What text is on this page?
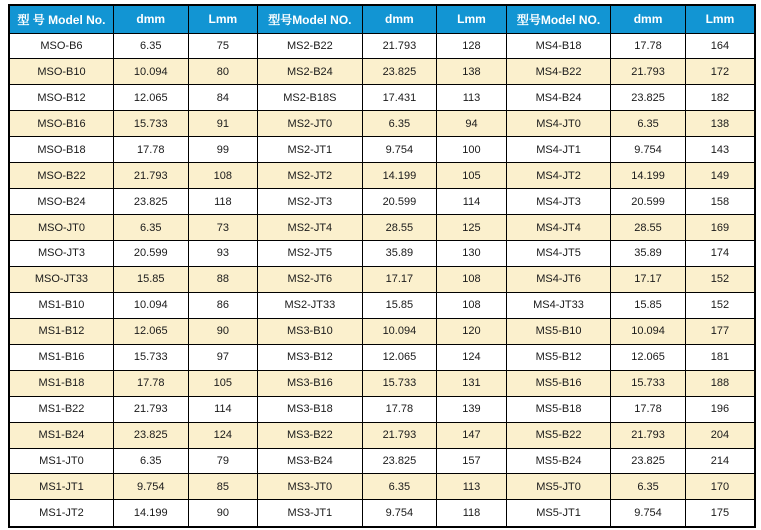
型 号 Model No.	dmm	Lmm	型号Model NO.	dmm	Lmm	型号Model NO.	dmm	Lmm
MSO-B6	6.35	75	MS2-B22	21.793	128	MS4-B18	17.78	164
MSO-B10	10.094	80	MS2-B24	23.825	138	MS4-B22	21.793	172
MSO-B12	12.065	84	MS2-B18S	17.431	113	MS4-B24	23.825	182
MSO-B16	15.733	91	MS2-JT0	6.35	94	MS4-JT0	6.35	138
MSO-B18	17.78	99	MS2-JT1	9.754	100	MS4-JT1	9.754	143
MSO-B22	21.793	108	MS2-JT2	14.199	105	MS4-JT2	14.199	149
MSO-B24	23.825	118	MS2-JT3	20.599	114	MS4-JT3	20.599	158
MSO-JT0	6.35	73	MS2-JT4	28.55	125	MS4-JT4	28.55	169
MSO-JT3	20.599	93	MS2-JT5	35.89	130	MS4-JT5	35.89	174
MSO-JT33	15.85	88	MS2-JT6	17.17	108	MS4-JT6	17.17	152
MS1-B10	10.094	86	MS2-JT33	15.85	108	MS4-JT33	15.85	152
MS1-B12	12.065	90	MS3-B10	10.094	120	MS5-B10	10.094	177
MS1-B16	15.733	97	MS3-B12	12.065	124	MS5-B12	12.065	181
MS1-B18	17.78	105	MS3-B16	15.733	131	MS5-B16	15.733	188
MS1-B22	21.793	114	MS3-B18	17.78	139	MS5-B18	17.78	196
MS1-B24	23.825	124	MS3-B22	21.793	147	MS5-B22	21.793	204
MS1-JT0	6.35	79	MS3-B24	23.825	157	MS5-B24	23.825	214
MS1-JT1	9.754	85	MS3-JT0	6.35	113	MS5-JT0	6.35	170
MS1-JT2	14.199	90	MS3-JT1	9.754	118	MS5-JT1	9.754	175
